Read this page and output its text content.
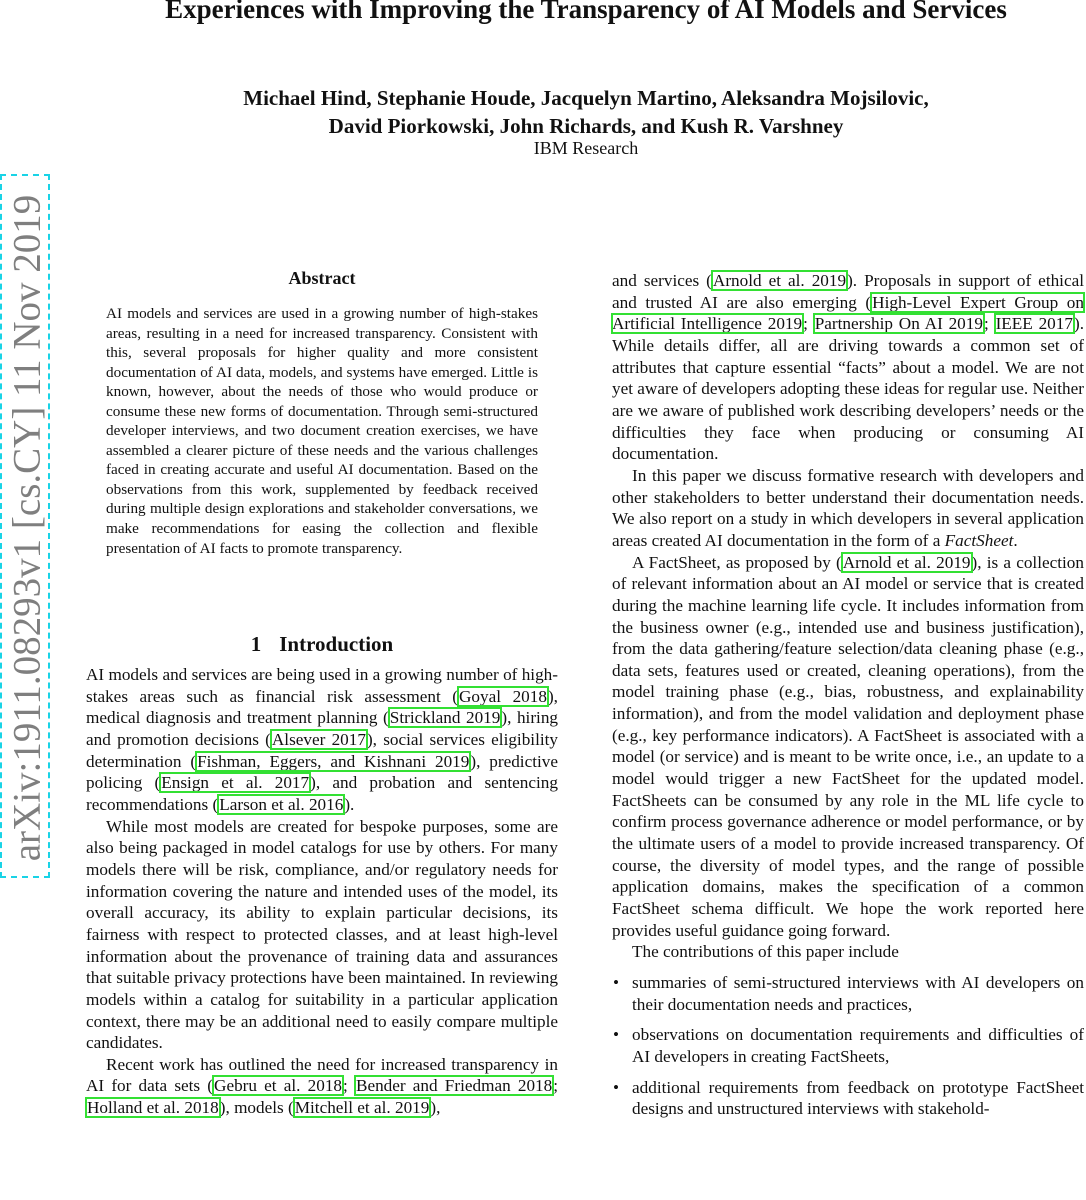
Experiences with Improving the Transparency of AI Models and Services
Michael Hind, Stephanie Houde, Jacquelyn Martino, Aleksandra Mojsilovic,
David Piorkowski, John Richards, and Kush R. Varshney
IBM Research
arXiv:1911.08293v1 [cs.CY] 11 Nov 2019	Abstract

AI models and services are used in a growing number of high-stakes areas, resulting in a need for increased transparency. Consistent with this, several proposals for higher quality and more consistent documentation of AI data, models, and systems have emerged. Little is known, however, about the needs of those who would produce or consume these new forms of documentation. Through semi-structured developer interviews, and two document creation exercises, we have assembled a clearer picture of these needs and the various challenges faced in creating accurate and useful AI documentation. Based on the observations from this work, supplemented by feedback received during multiple design explorations and stakeholder conversations, we make recommendations for easing the collection and flexible presentation of AI facts to promote transparency.

1 Introduction

AI models and services are being used in a growing number of high-stakes areas such as financial risk assessment (Goyal 2018), medical diagnosis and treatment planning (Strickland 2019), hiring and promotion decisions (Alsever 2017), social services eligibility determination (Fishman, Eggers, and Kishnani 2019), predictive policing (Ensign et al. 2017), and probation and sentencing recommendations (Larson et al. 2016).

While most models are created for bespoke purposes, some are also being packaged in model catalogs for use by others. For many models there will be risk, compliance, and/or regulatory needs for information covering the nature and intended uses of the model, its overall accuracy, its ability to explain particular decisions, its fairness with respect to protected classes, and at least high-level information about the provenance of training data and assurances that suitable privacy protections have been maintained. In reviewing models within a catalog for suitability in a particular application context, there may be an additional need to easily compare multiple candidates.

Recent work has outlined the need for increased transparency in AI for data sets (Gebru et al. 2018; Bender and Friedman 2018; Holland et al. 2018), models (Mitchell et al. 2019),

and services (Arnold et al. 2019). Proposals in support of ethical and trusted AI are also emerging (High-Level Expert Group on Artificial Intelligence 2019; Partnership On AI 2019; IEEE 2017). While details differ, all are driving towards a common set of attributes that capture essential “facts” about a model. We are not yet aware of developers adopting these ideas for regular use. Neither are we aware of published work describing developers’ needs or the difficulties they face when producing or consuming AI documentation.

In this paper we discuss formative research with developers and other stakeholders to better understand their documentation needs. We also report on a study in which developers in several application areas created AI documentation in the form of a FactSheet.

A FactSheet, as proposed by (Arnold et al. 2019), is a collection of relevant information about an AI model or service that is created during the machine learning life cycle. It includes information from the business owner (e.g., intended use and business justification), from the data gathering/feature selection/data cleaning phase (e.g., data sets, features used or created, cleaning operations), from the model training phase (e.g., bias, robustness, and explainability information), and from the model validation and deployment phase (e.g., key performance indicators). A FactSheet is associated with a model (or service) and is meant to be write once, i.e., an update to a model would trigger a new FactSheet for the updated model. FactSheets can be consumed by any role in the ML life cycle to confirm process governance adherence or model performance, or by the ultimate users of a model to provide increased transparency. Of course, the diversity of model types, and the range of possible application domains, makes the specification of a common FactSheet schema difficult. We hope the work reported here provides useful guidance going forward.

The contributions of this paper include

• summaries of semi-structured interviews with AI developers on their documentation needs and practices,
• observations on documentation requirements and difficulties of AI developers in creating FactSheets,
• additional requirements from feedback on prototype FactSheet designs and unstructured interviews with stakehold-
